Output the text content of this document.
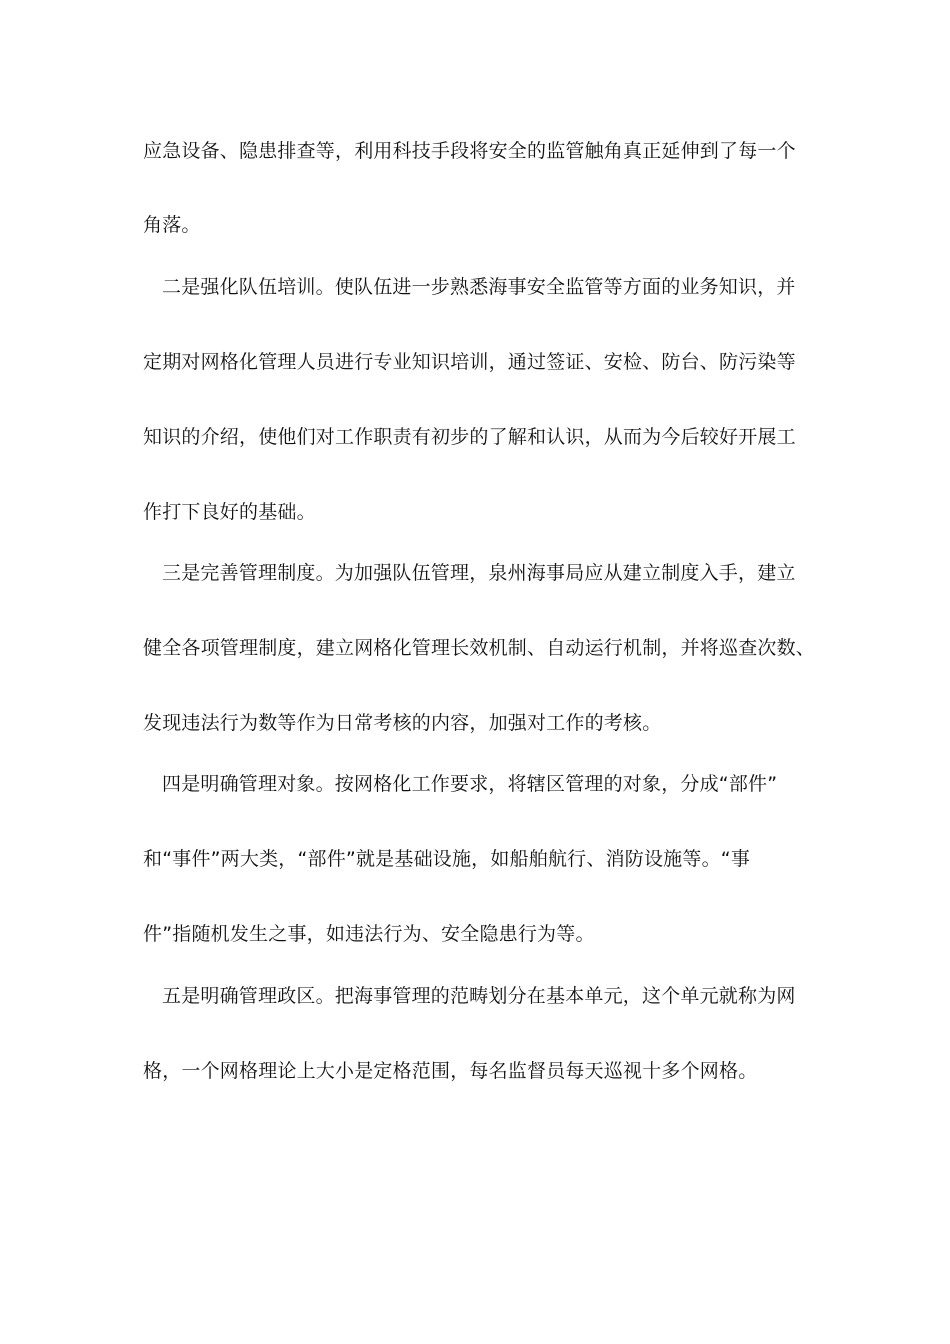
应急设备、隐患排查等，利用科技手段将安全的监管触角真正延伸到了每一个
角落。
二是强化队伍培训。使队伍进一步熟悉海事安全监管等方面的业务知识，并
定期对网格化管理人员进行专业知识培训，通过签证、安检、防台、防污染等
知识的介绍，使他们对工作职责有初步的了解和认识，从而为今后较好开展工
作打下良好的基础。
三是完善管理制度。为加强队伍管理，泉州海事局应从建立制度入手，建立
健全各项管理制度，建立网格化管理长效机制、自动运行机制，并将巡查次数、
发现违法行为数等作为日常考核的内容，加强对工作的考核。
四是明确管理对象。按网格化工作要求，将辖区管理的对象，分成“部件”
和“事件”两大类，“部件”就是基础设施，如船舶航行、消防设施等。“事
件”指随机发生之事，如违法行为、安全隐患行为等。
五是明确管理政区。把海事管理的范畴划分在基本单元，这个单元就称为网
格，一个网格理论上大小是定格范围，每名监督员每天巡视十多个网格。
